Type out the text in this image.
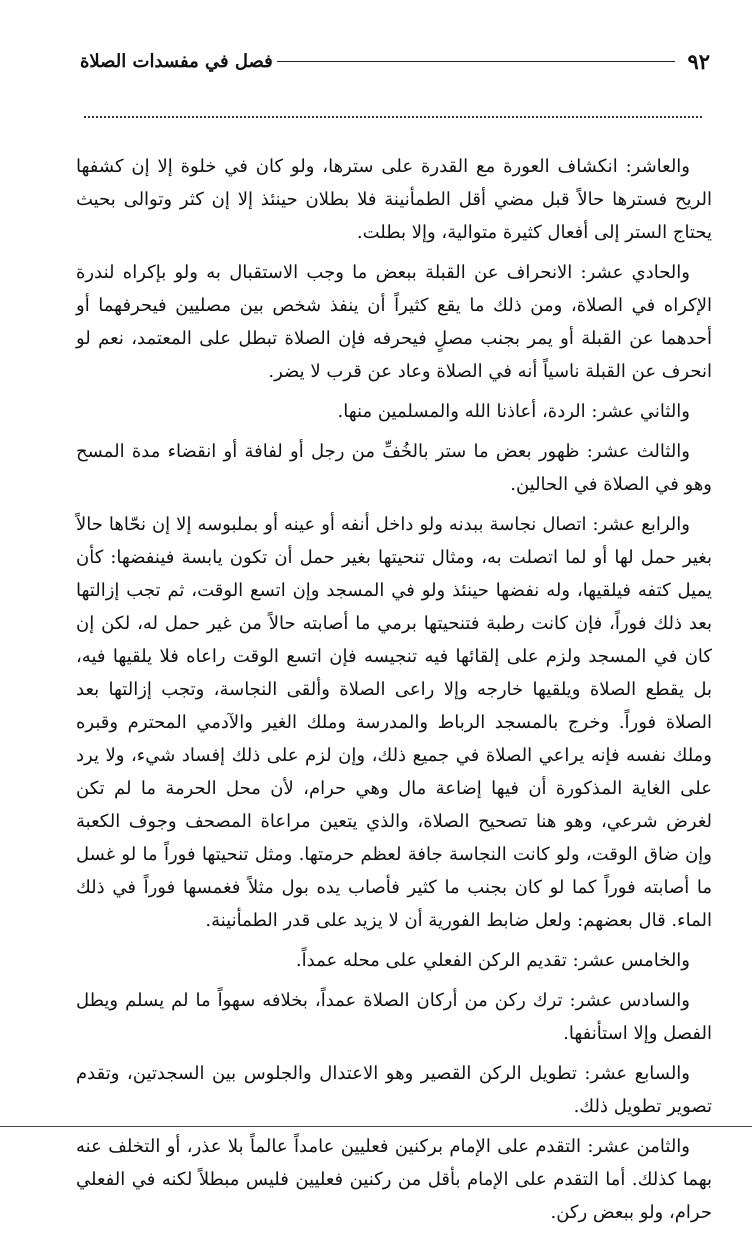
٩٢
فصل في مفسدات الصلاة

والعاشر: انكشاف العورة مع القدرة على سترها، ولو كان في خلوة إلا إن كشفها الريح فسترها حالاً قبل مضي أقل الطمأنينة فلا بطلان حينئذ إلا إن كثر وتوالى بحيث يحتاج الستر إلى أفعال كثيرة متوالية، وإلا بطلت.

والحادي عشر: الانحراف عن القبلة ببعض ما وجب الاستقبال به ولو بإكراه لندرة الإكراه في الصلاة، ومن ذلك ما يقع كثيراً أن ينفذ شخص بين مصليين فيحرفهما أو أحدهما عن القبلة أو يمر بجنب مصلٍ فيحرفه فإن الصلاة تبطل على المعتمد، نعم لو انحرف عن القبلة ناسياً أنه في الصلاة وعاد عن قرب لا يضر.

والثاني عشر: الردة، أعاذنا الله والمسلمين منها.

والثالث عشر: ظهور بعض ما ستر بالخُفِّ من رجل أو لفافة أو انقضاء مدة المسح وهو في الصلاة في الحالين.

والرابع عشر: اتصال نجاسة ببدنه ولو داخل أنفه أو عينه أو بملبوسه إلا إن نحّاها حالاً بغير حمل لها أو لما اتصلت به، ومثال تنحيتها بغير حمل أن تكون يابسة فينفضها: كأن يميل كتفه فيلقيها، وله نفضها حينئذ ولو في المسجد وإن اتسع الوقت، ثم تجب إزالتها بعد ذلك فوراً، فإن كانت رطبة فتنحيتها برمي ما أصابته حالاً من غير حمل له، لكن إن كان في المسجد ولزم على إلقائها فيه تنجيسه فإن اتسع الوقت راعاه فلا يلقيها فيه، بل يقطع الصلاة ويلقيها خارجه وإلا راعى الصلاة وألقى النجاسة، وتجب إزالتها بعد الصلاة فوراً. وخرج بالمسجد الرباط والمدرسة وملك الغير والآدمي المحترم وقبره وملك نفسه فإنه يراعي الصلاة في جميع ذلك، وإن لزم على ذلك إفساد شيء، ولا يرد على الغاية المذكورة أن فيها إضاعة مال وهي حرام، لأن محل الحرمة ما لم تكن لغرض شرعي، وهو هنا تصحيح الصلاة، والذي يتعين مراعاة المصحف وجوف الكعبة وإن ضاق الوقت، ولو كانت النجاسة جافة لعظم حرمتها. ومثل تنحيتها فوراً ما لو غسل ما أصابته فوراً كما لو كان بجنب ما كثير فأصاب يده بول مثلاً فغمسها فوراً في ذلك الماء. قال بعضهم: ولعل ضابط الفورية أن لا يزيد على قدر الطمأنينة.

والخامس عشر: تقديم الركن الفعلي على محله عمداً.

والسادس عشر: ترك ركن من أركان الصلاة عمداً، بخلافه سهواً ما لم يسلم ويطل الفصل وإلا استأنفها.

والسابع عشر: تطويل الركن القصير وهو الاعتدال والجلوس بين السجدتين، وتقدم تصوير تطويل ذلك.

والثامن عشر: التقدم على الإمام بركنين فعليين عامداً عالماً بلا عذر، أو التخلف عنه بهما كذلك. أما التقدم على الإمام بأقل من ركنين فعليين فليس مبطلاً لكنه في الفعلي حرام، ولو ببعض ركن.
